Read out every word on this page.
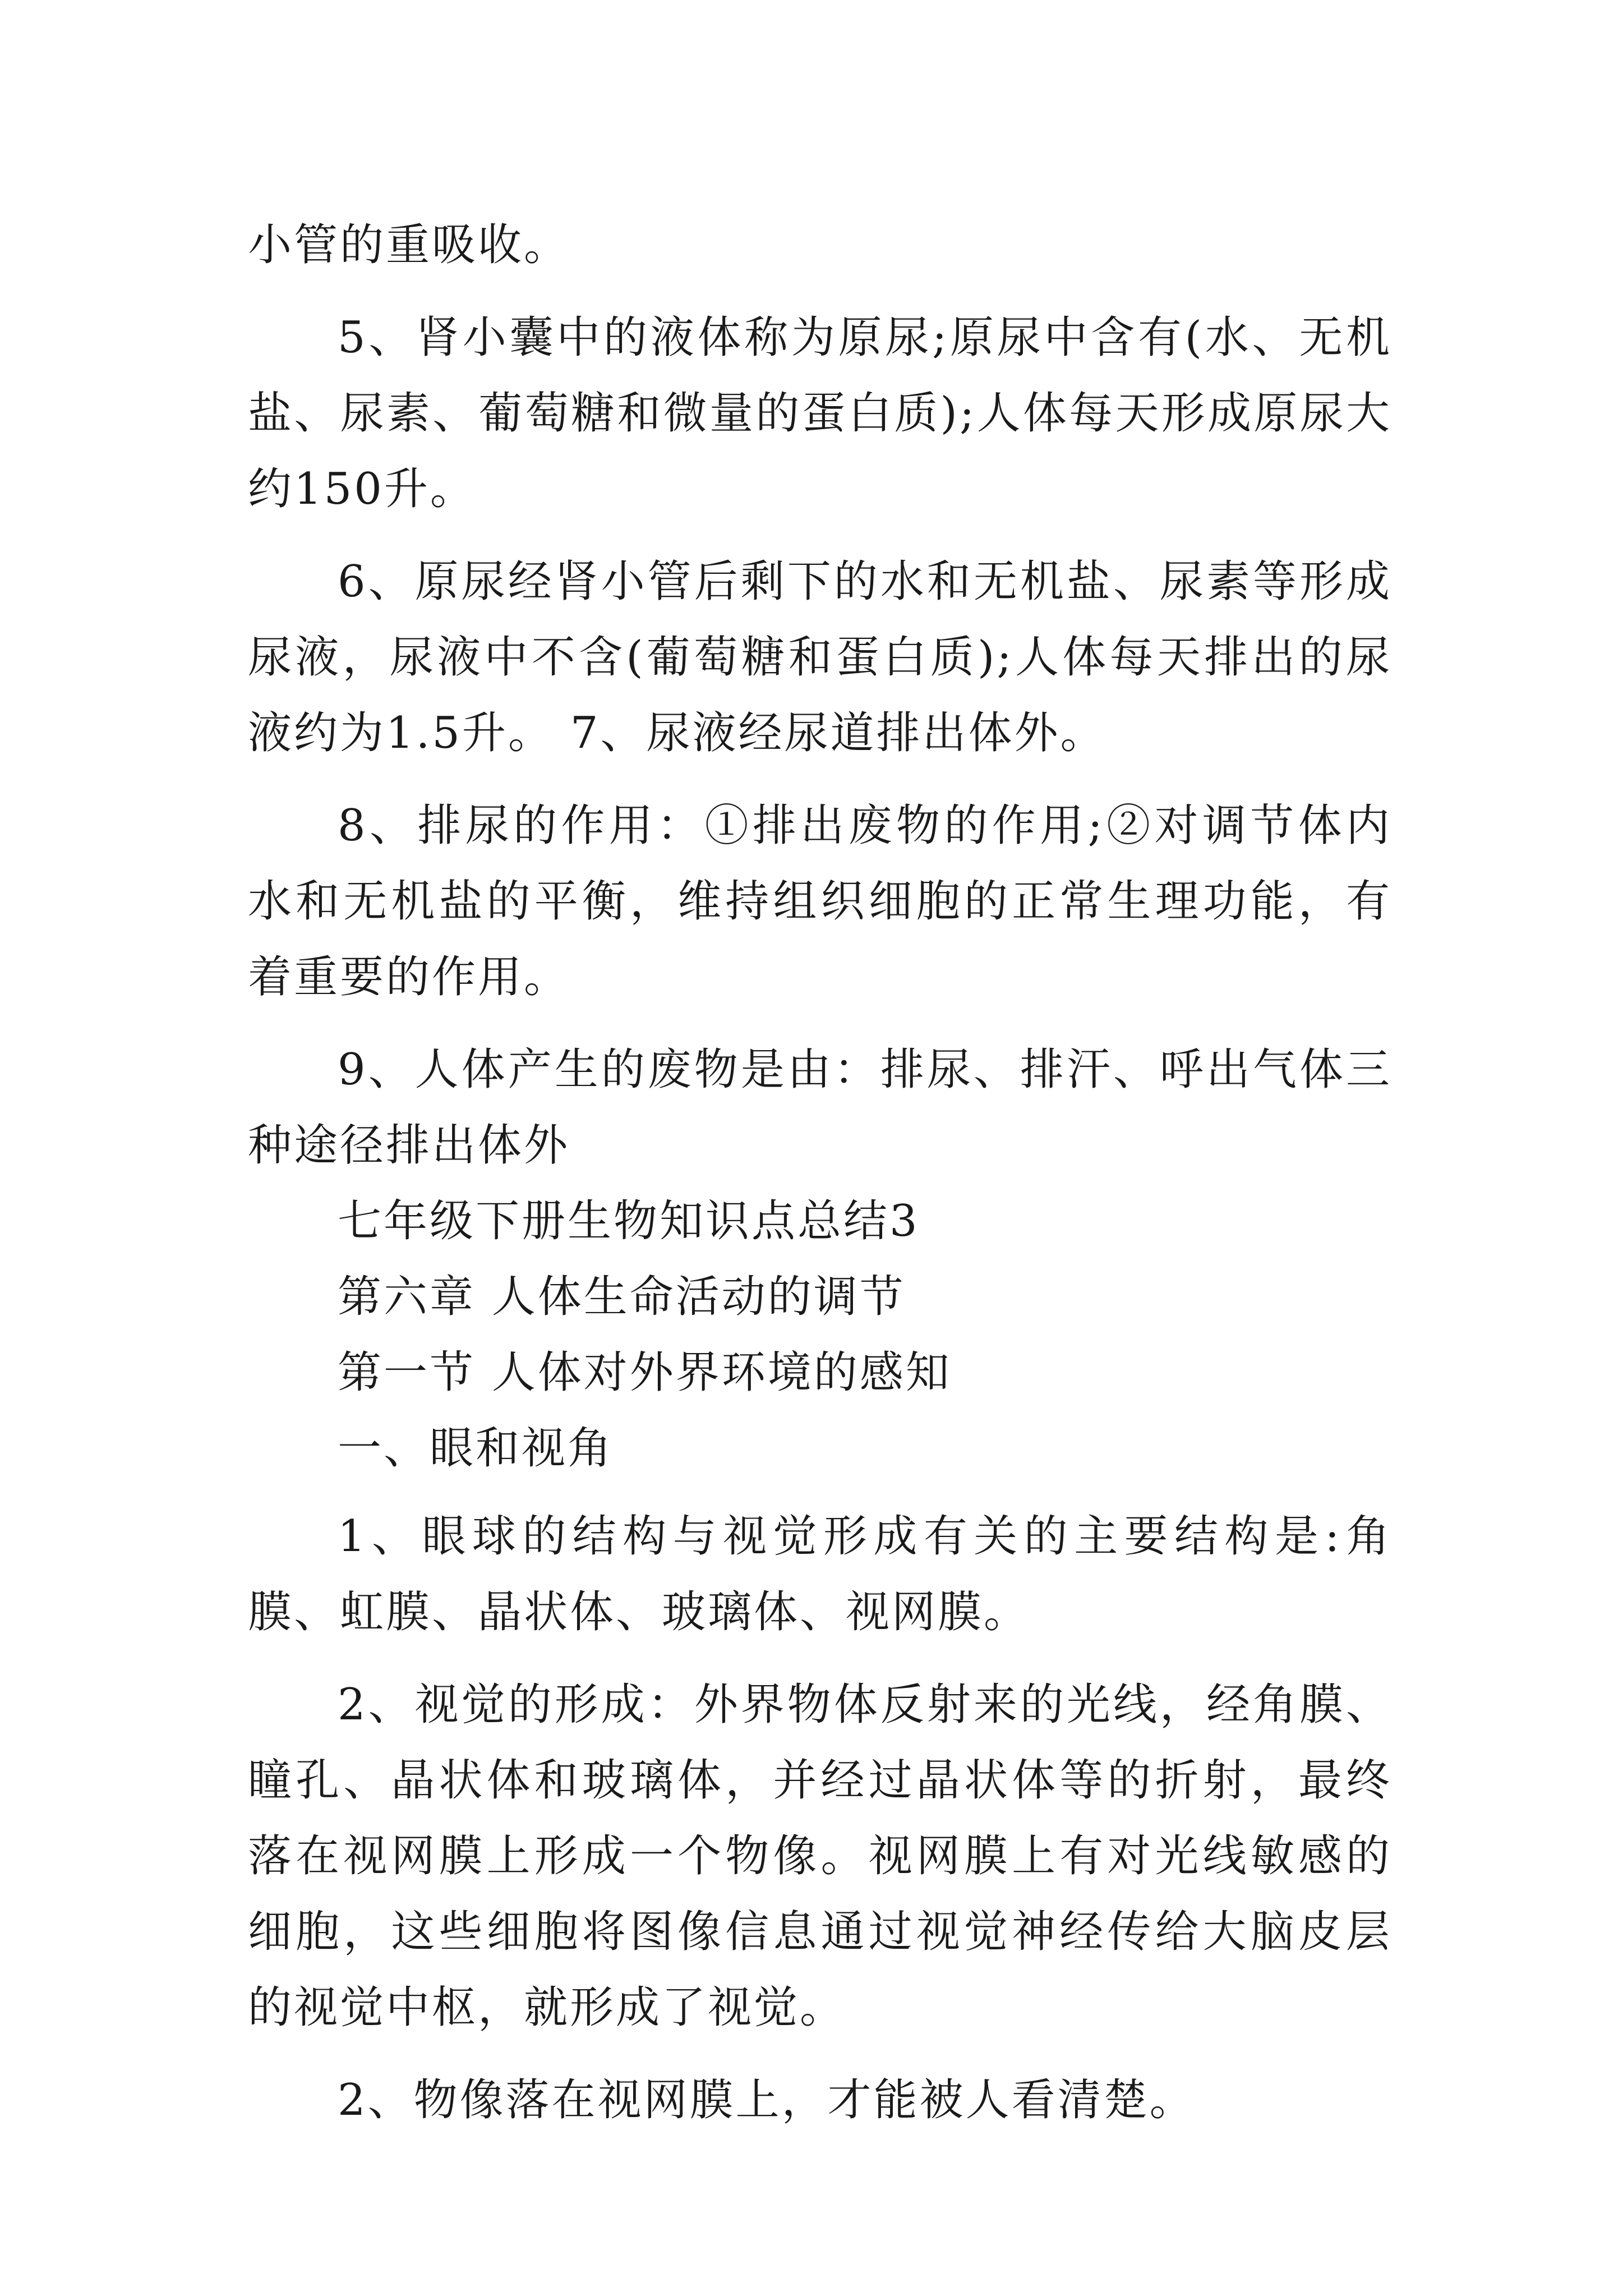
小管的重吸收。

5、肾小囊中的液体称为原尿;原尿中含有(水、无机盐、尿素、葡萄糖和微量的蛋白质);人体每天形成原尿大约150升。

6、原尿经肾小管后剩下的水和无机盐、尿素等形成尿液，尿液中不含(葡萄糖和蛋白质);人体每天排出的尿液约为1.5升。 7、尿液经尿道排出体外。

8、排尿的作用：①排出废物的作用;②对调节体内水和无机盐的平衡，维持组织细胞的正常生理功能，有着重要的作用。

9、人体产生的废物是由：排尿、排汗、呼出气体三种途径排出体外

七年级下册生物知识点总结3

第六章 人体生命活动的调节

第一节 人体对外界环境的感知

一、眼和视角

1、眼球的结构与视觉形成有关的主要结构是:角膜、虹膜、晶状体、玻璃体、视网膜。

2、视觉的形成：外界物体反射来的光线，经角膜、瞳孔、晶状体和玻璃体，并经过晶状体等的折射，最终落在视网膜上形成一个物像。视网膜上有对光线敏感的细胞，这些细胞将图像信息通过视觉神经传给大脑皮层的视觉中枢，就形成了视觉。

2、物像落在视网膜上，才能被人看清楚。
